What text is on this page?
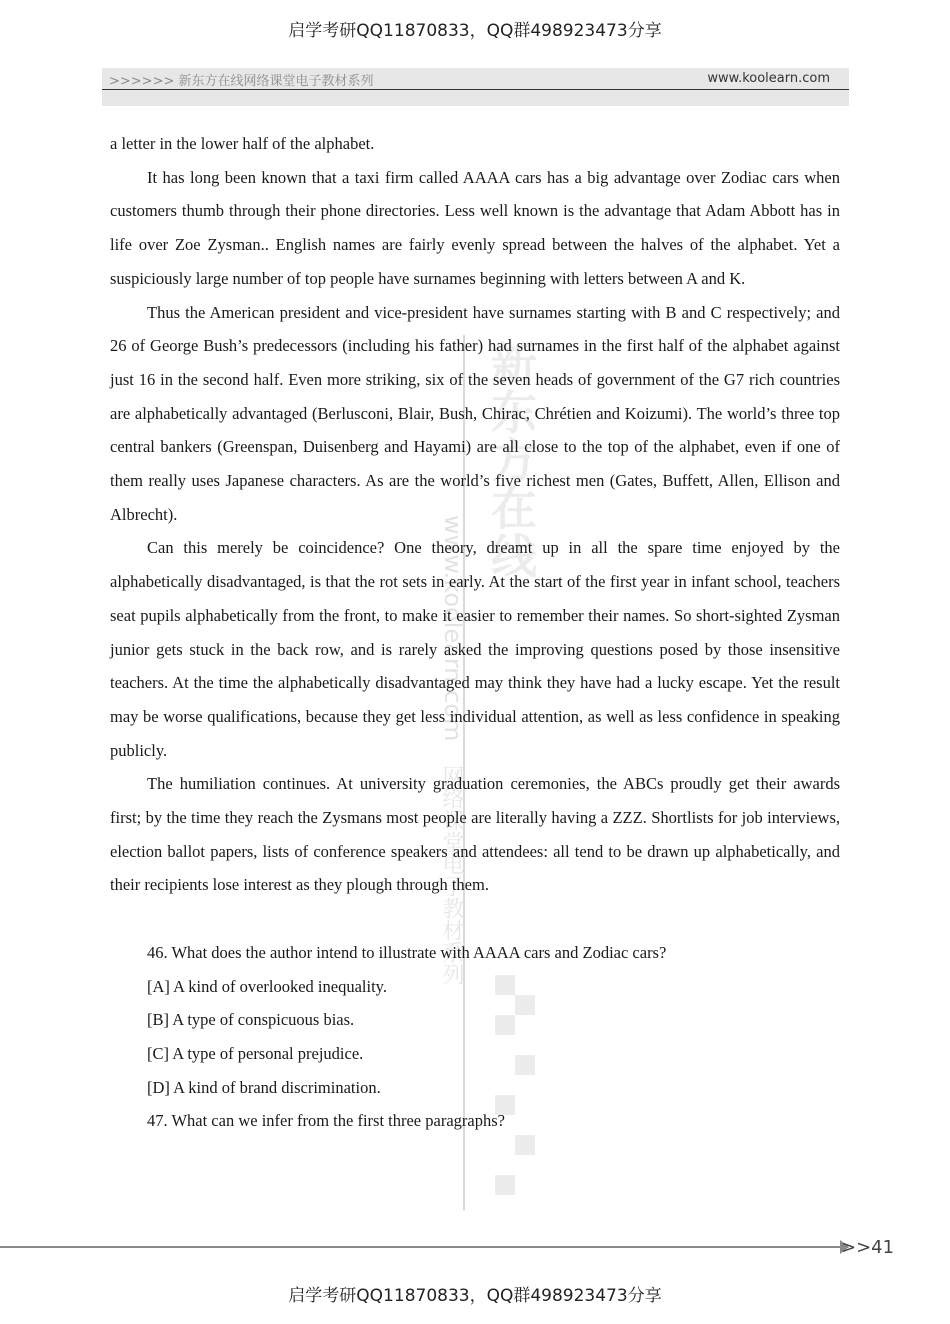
启学考研QQ11870833，QQ群498923473分享
>>>>>> 新东方在线网络课堂电子教材系列	www.koolearn.com
新东方在线
www.koolearn.com
网络课堂电子教材系列

a letter in the lower half of the alphabet.

It has long been known that a taxi firm called AAAA cars has a big advantage over Zodiac cars when customers thumb through their phone directories. Less well known is the advantage that Adam Abbott has in life over Zoe Zysman.. English names are fairly evenly spread between the halves of the alphabet. Yet a suspiciously large number of top people have surnames beginning with letters between A and K.

Thus the American president and vice-president have surnames starting with B and C respectively; and 26 of George Bush’s predecessors (including his father) had surnames in the first half of the alphabet against just 16 in the second half. Even more striking, six of the seven heads of government of the G7 rich countries are alphabetically advantaged (Berlusconi, Blair, Bush, Chirac, Chrétien and Koizumi). The world’s three top central bankers (Greenspan, Duisenberg and Hayami) are all close to the top of the alphabet, even if one of them really uses Japanese characters. As are the world’s five richest men (Gates, Buffett, Allen, Ellison and Albrecht).

Can this merely be coincidence? One theory, dreamt up in all the spare time enjoyed by the alphabetically disadvantaged, is that the rot sets in early. At the start of the first year in infant school, teachers seat pupils alphabetically from the front, to make it easier to remember their names. So short-sighted Zysman junior gets stuck in the back row, and is rarely asked the improving questions posed by those insensitive teachers. At the time the alphabetically disadvantaged may think they have had a lucky escape. Yet the result may be worse qualifications, because they get less individual attention, as well as less confidence in speaking publicly.

The humiliation continues. At university graduation ceremonies, the ABCs proudly get their awards first; by the time they reach the Zysmans most people are literally having a ZZZ. Shortlists for job interviews, election ballot papers, lists of conference speakers and attendees: all tend to be drawn up alphabetically, and their recipients lose interest as they plough through them.

46. What does the author intend to illustrate with AAAA cars and Zodiac cars?

[A] A kind of overlooked inequality.

[B] A type of conspicuous bias.

[C] A type of personal prejudice.

[D] A kind of brand discrimination.

47. What can we infer from the first three paragraphs?

>>41
启学考研QQ11870833，QQ群498923473分享
